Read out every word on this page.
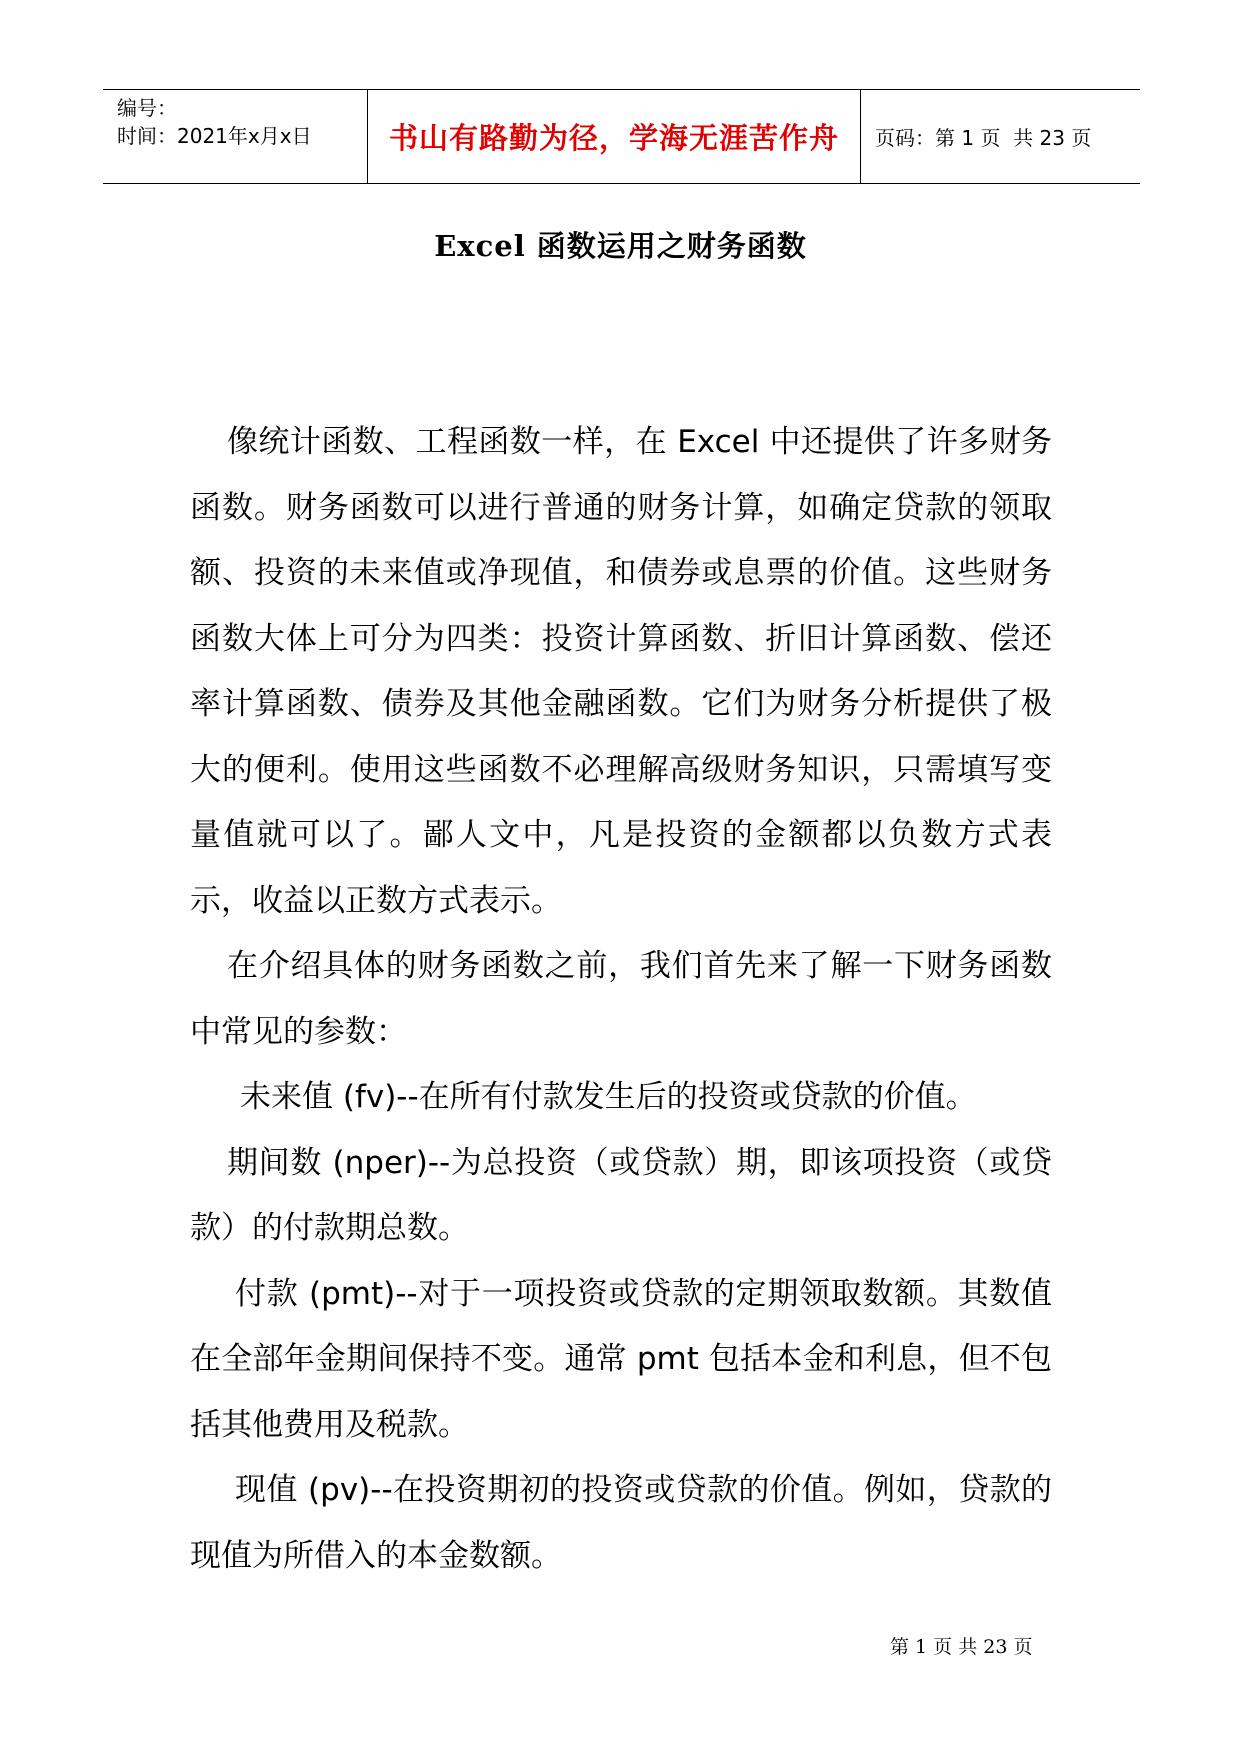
编号：
时间：2021年x月x日	书山有路勤为径，学海无涯苦作舟	页码：第 1 页  共 23 页
Excel 函数运用之财务函数

像统计函数、工程函数一样，在 Excel 中还提供了许多财务函数。财务函数可以进行普通的财务计算，如确定贷款的领取额、投资的未来值或净现值，和债券或息票的价值。这些财务函数大体上可分为四类：投资计算函数、折旧计算函数、偿还率计算函数、债券及其他金融函数。它们为财务分析提供了极大的便利。使用这些函数不必理解高级财务知识，只需填写变量值就可以了。鄙人文中，凡是投资的金额都以负数方式表示，收益以正数方式表示。

在介绍具体的财务函数之前，我们首先来了解一下财务函数中常见的参数：

未来值 (fv)--在所有付款发生后的投资或贷款的价值。

期间数 (nper)--为总投资（或贷款）期，即该项投资（或贷款）的付款期总数。

付款 (pmt)--对于一项投资或贷款的定期领取数额。其数值在全部年金期间保持不变。通常 pmt 包括本金和利息，但不包括其他费用及税款。

现值 (pv)--在投资期初的投资或贷款的价值。例如，贷款的现值为所借入的本金数额。

第 1 页 共 23 页
